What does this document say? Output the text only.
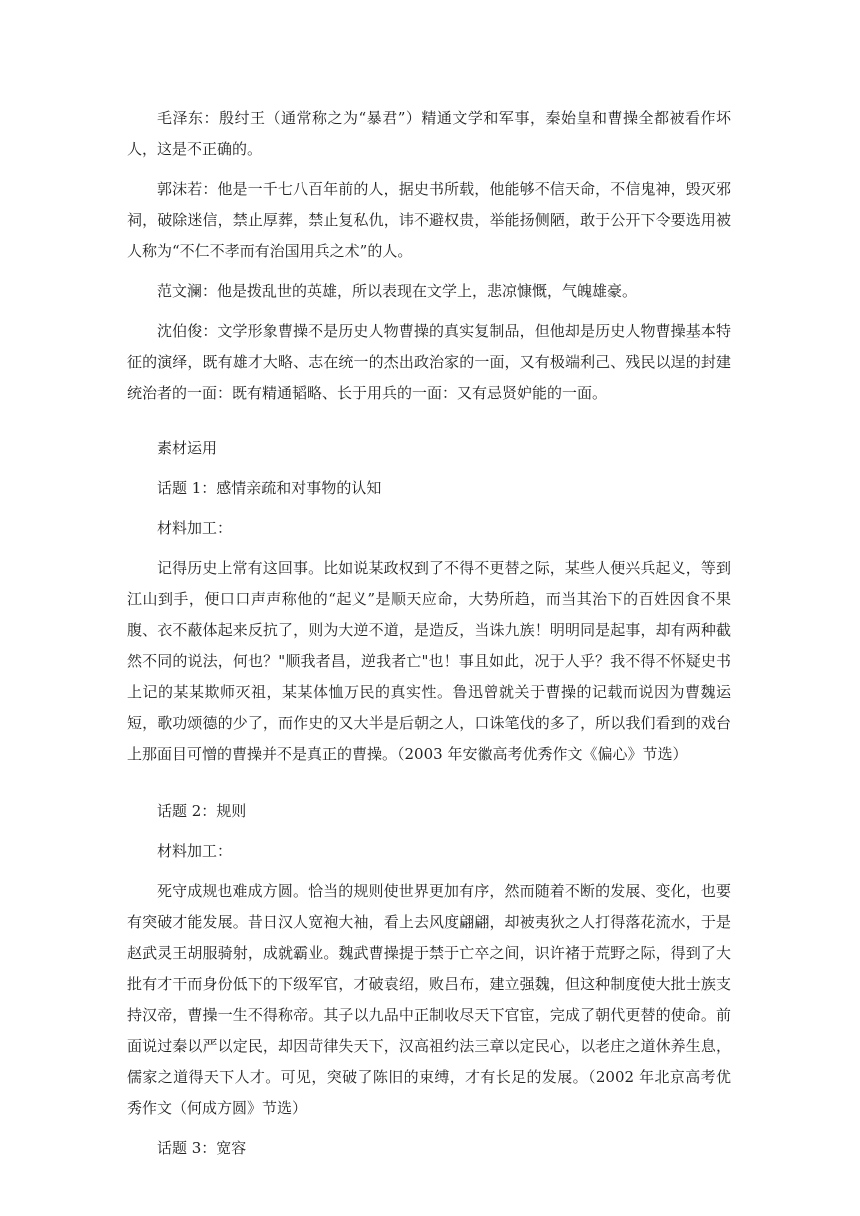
毛泽东：殷纣王（通常称之为“暴君”）精通文学和军事，秦始皇和曹操全都被看作坏人，这是不正确的。

郭沫若：他是一千七八百年前的人，据史书所载，他能够不信天命，不信鬼神，毁灭邪祠，破除迷信，禁止厚葬，禁止复私仇，讳不避权贵，举能扬侧陋，敢于公开下令要选用被人称为“不仁不孝而有治国用兵之术”的人。

范文澜：他是拨乱世的英雄，所以表现在文学上，悲凉慷慨，气魄雄豪。

沈伯俊：文学形象曹操不是历史人物曹操的真实复制品，但他却是历史人物曹操基本特征的演绎，既有雄才大略、志在统一的杰出政治家的一面，又有极端利己、残民以逞的封建统治者的一面：既有精通韬略、长于用兵的一面：又有忌贤妒能的一面。

素材运用

话题 1：感情亲疏和对事物的认知

材料加工：

记得历史上常有这回事。比如说某政权到了不得不更替之际，某些人便兴兵起义，等到江山到手，便口口声声称他的“起义”是顺天应命，大势所趋，而当其治下的百姓因食不果腹、衣不蔽体起来反抗了，则为大逆不道，是造反，当诛九族！明明同是起事，却有两种截然不同的说法，何也？"顺我者昌，逆我者亡"也！事且如此，况于人乎？我不得不怀疑史书上记的某某欺师灭祖，某某体恤万民的真实性。鲁迅曾就关于曹操的记载而说因为曹魏运短，歌功颂德的少了，而作史的又大半是后朝之人，口诛笔伐的多了，所以我们看到的戏台上那面目可憎的曹操并不是真正的曹操。（2003 年安徽高考优秀作文《偏心》节选）

话题 2：规则

材料加工：

死守成规也难成方圆。恰当的规则使世界更加有序，然而随着不断的发展、变化，也要有突破才能发展。昔日汉人宽袍大袖，看上去风度翩翩，却被夷狄之人打得落花流水，于是赵武灵王胡服骑射，成就霸业。魏武曹操提于禁于亡卒之间，识许褚于荒野之际，得到了大批有才干而身份低下的下级军官，才破袁绍，败吕布，建立强魏，但这种制度使大批士族支持汉帝，曹操一生不得称帝。其子以九品中正制收尽天下官宦，完成了朝代更替的使命。前面说过秦以严以定民，却因苛律失天下，汉高祖约法三章以定民心，以老庄之道休养生息，儒家之道得天下人才。可见，突破了陈旧的束缚，才有长足的发展。（2002 年北京高考优秀作文（何成方圆》节选）

话题 3：宽容
